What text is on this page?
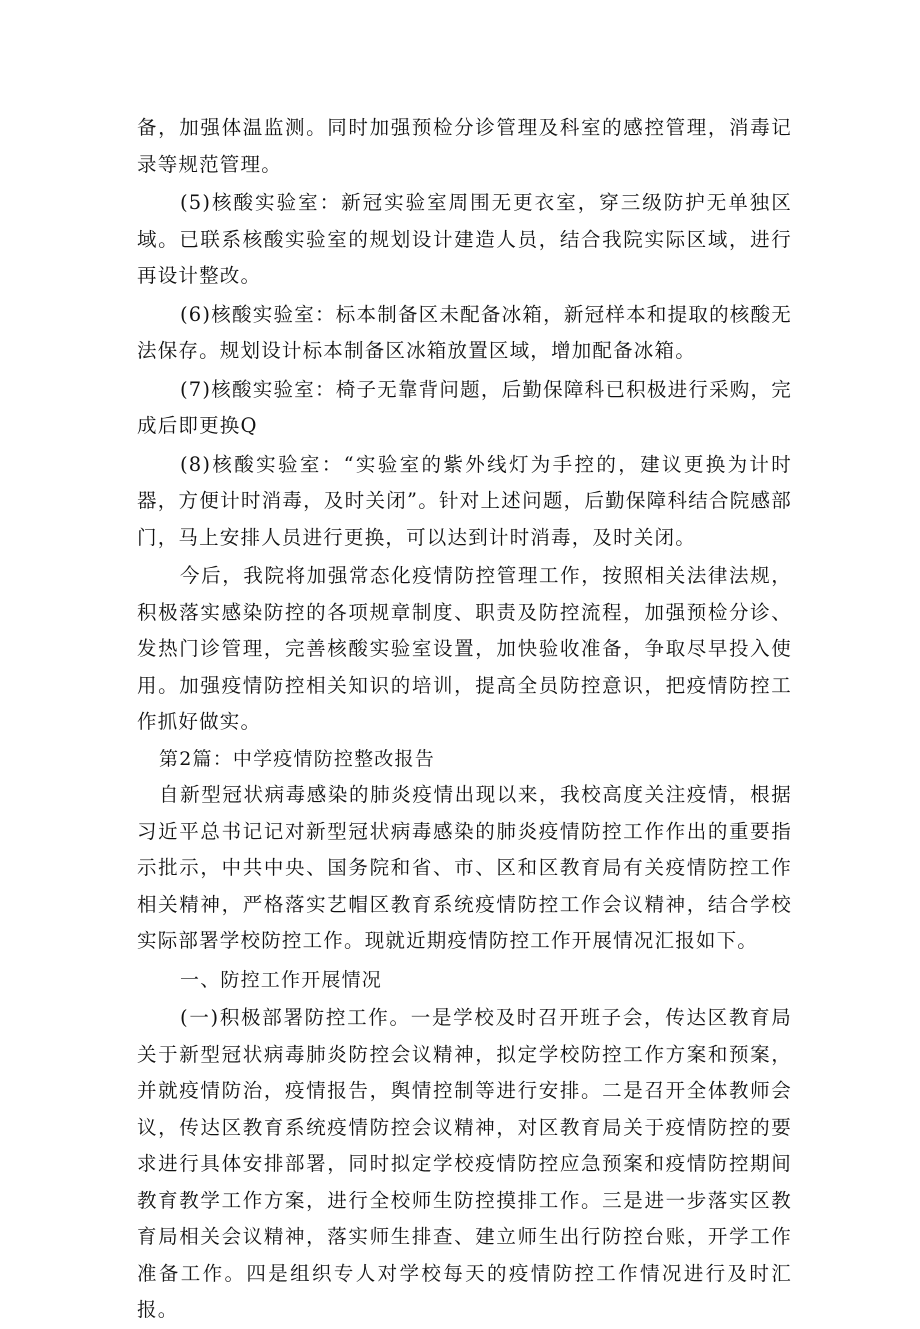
备，加强体温监测。同时加强预检分诊管理及科室的感控管理，消毒记录等规范管理。

(5)核酸实验室：新冠实验室周围无更衣室，穿三级防护无单独区域。已联系核酸实验室的规划设计建造人员，结合我院实际区域，进行再设计整改。

(6)核酸实验室：标本制备区未配备冰箱，新冠样本和提取的核酸无法保存。规划设计标本制备区冰箱放置区域，增加配备冰箱。

(7)核酸实验室：椅子无靠背问题，后勤保障科已积极进行采购，完成后即更换Q

(8)核酸实验室：“实验室的紫外线灯为手控的，建议更换为计时器，方便计时消毒，及时关闭”。针对上述问题，后勤保障科结合院感部门，马上安排人员进行更换，可以达到计时消毒，及时关闭。

今后，我院将加强常态化疫情防控管理工作，按照相关法律法规，积极落实感染防控的各项规章制度、职责及防控流程，加强预检分诊、发热门诊管理，完善核酸实验室设置，加快验收准备，争取尽早投入使用。加强疫情防控相关知识的培训，提高全员防控意识，把疫情防控工作抓好做实。

第2篇：中学疫情防控整改报告

自新型冠状病毒感染的肺炎疫情出现以来，我校高度关注疫情，根据习近平总书记记对新型冠状病毒感染的肺炎疫情防控工作作出的重要指示批示，中共中央、国务院和省、市、区和区教育局有关疫情防控工作相关精神，严格落实艺帽区教育系统疫情防控工作会议精神，结合学校实际部署学校防控工作。现就近期疫情防控工作开展情况汇报如下。

一、防控工作开展情况

(一)积极部署防控工作。一是学校及时召开班子会，传达区教育局关于新型冠状病毒肺炎防控会议精神，拟定学校防控工作方案和预案，并就疫情防治，疫情报告，舆情控制等进行安排。二是召开全体教师会议，传达区教育系统疫情防控会议精神，对区教育局关于疫情防控的要求进行具体安排部署，同时拟定学校疫情防控应急预案和疫情防控期间教育教学工作方案，进行全校师生防控摸排工作。三是进一步落实区教育局相关会议精神，落实师生排查、建立师生出行防控台账，开学工作准备工作。四是组织专人对学校每天的疫情防控工作情况进行及时汇报。
